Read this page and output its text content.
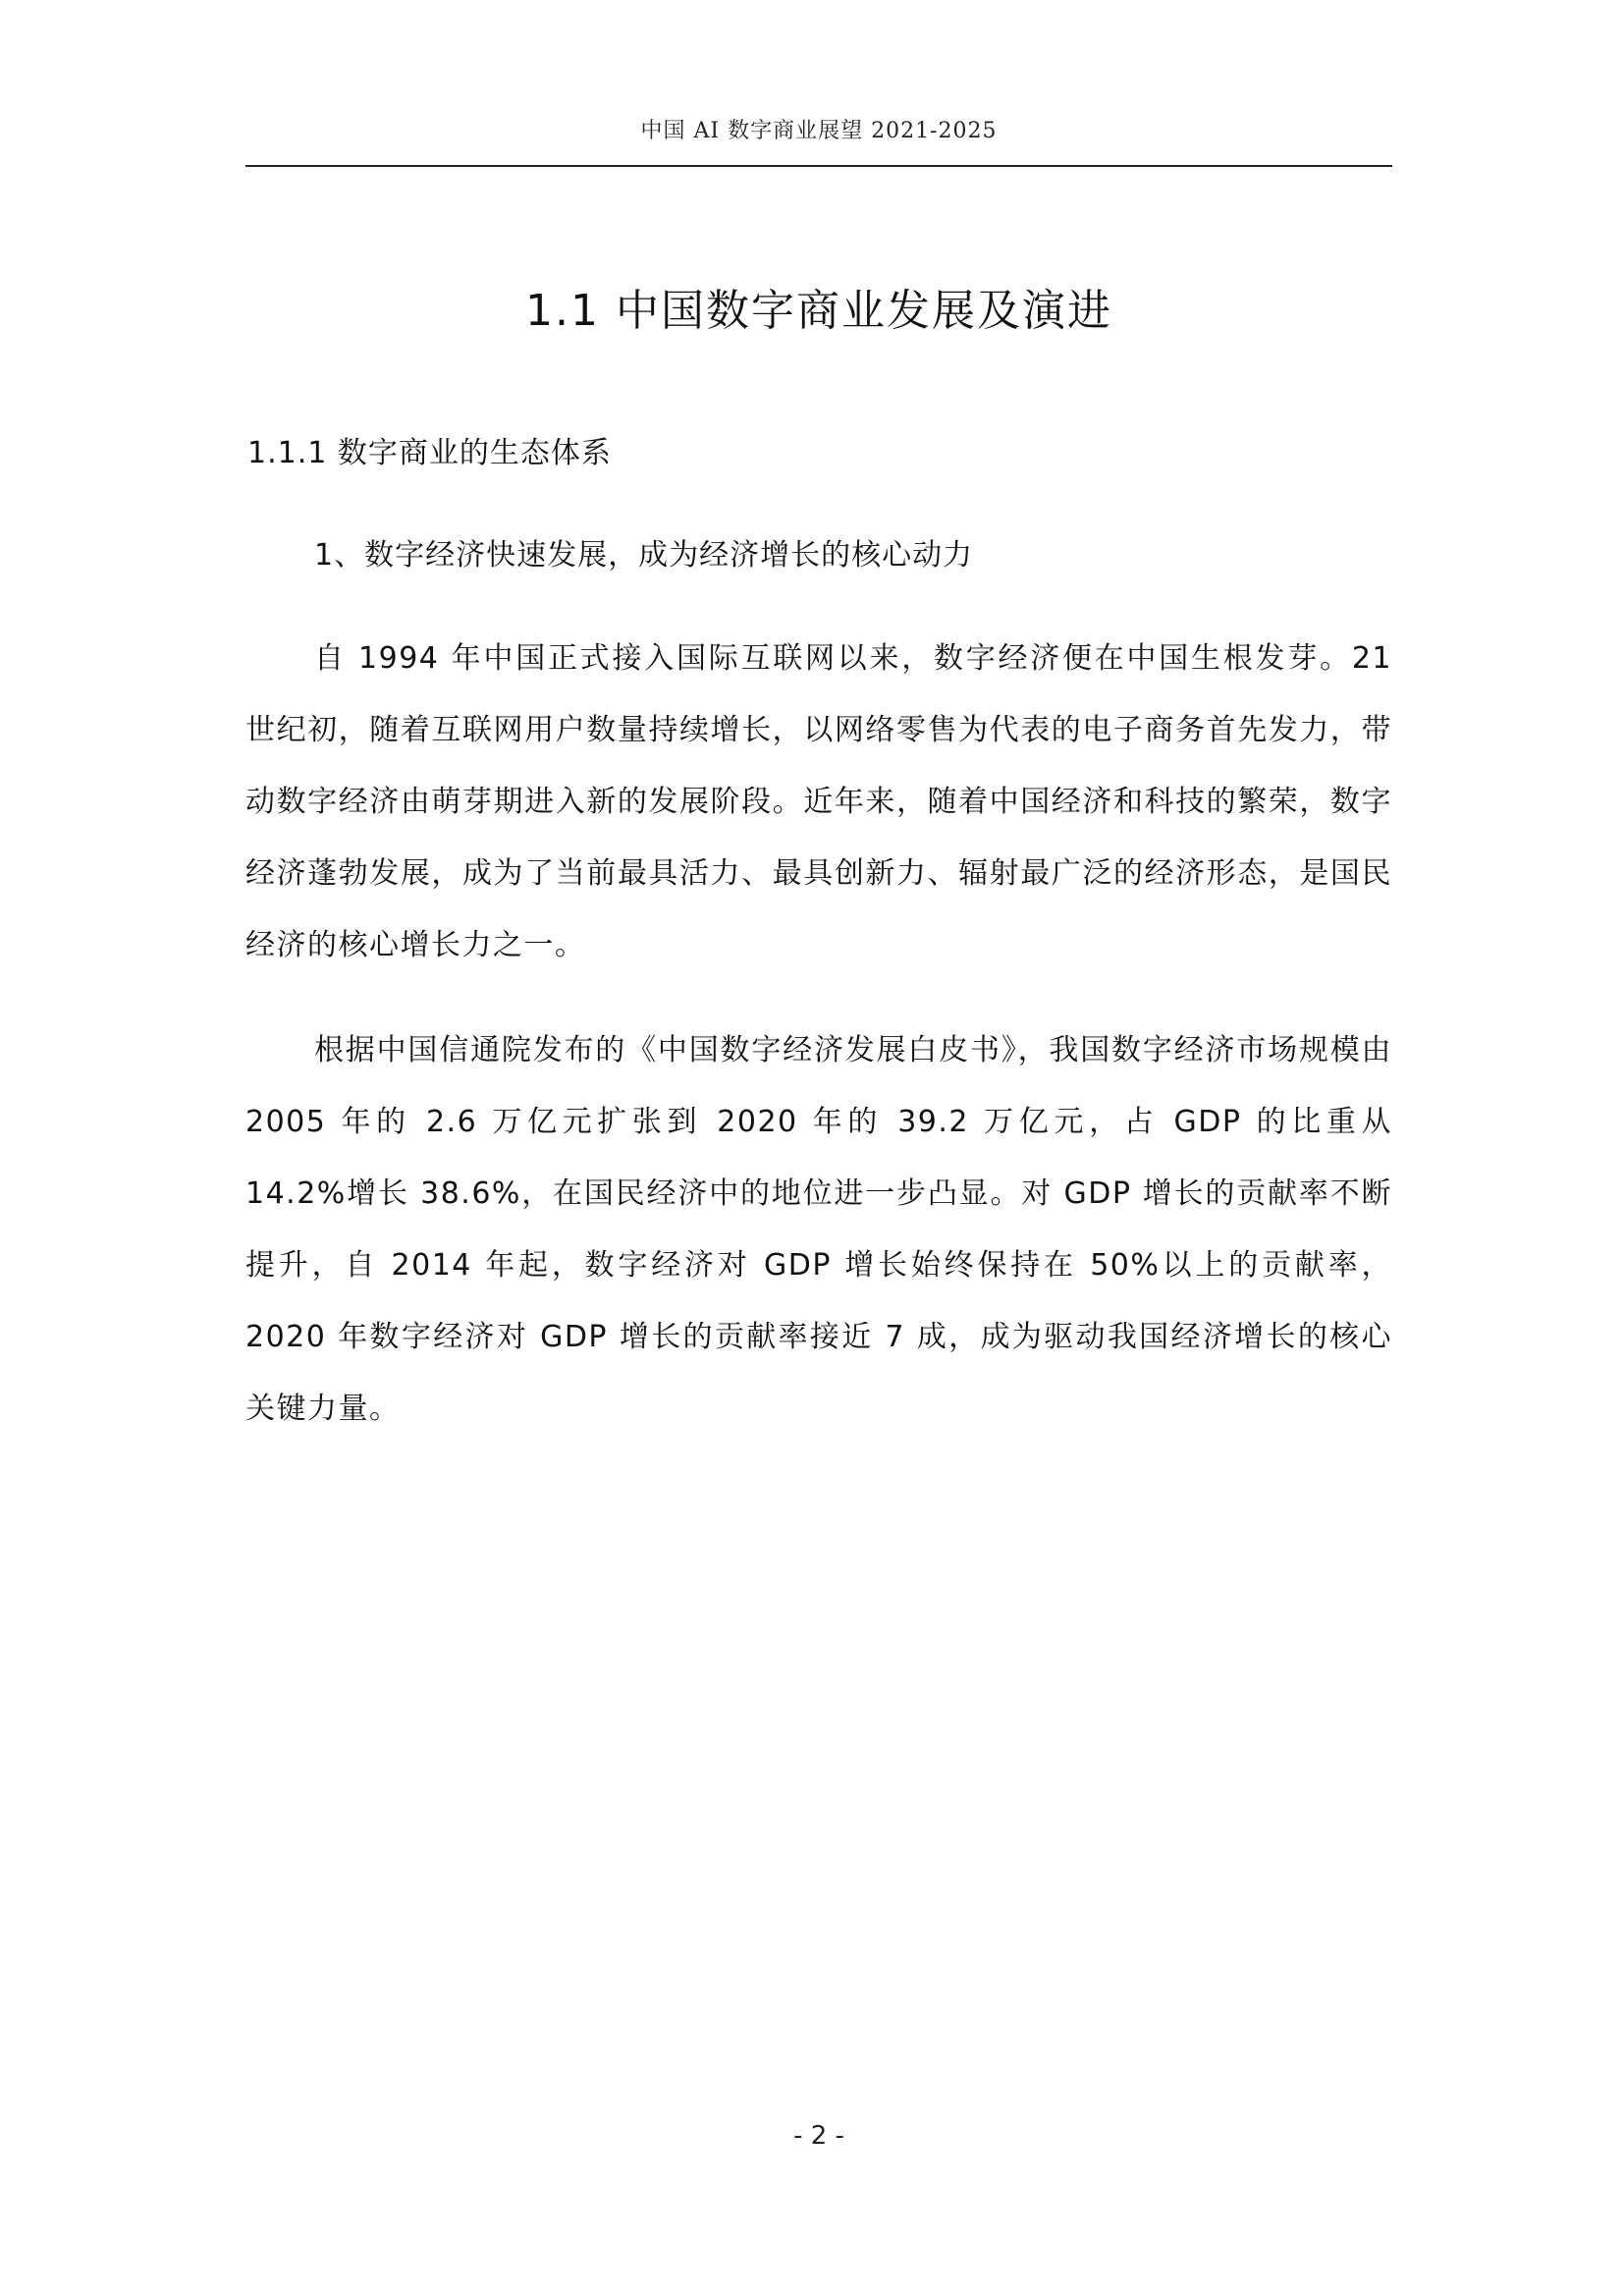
中国 AI 数字商业展望 2021-2025
1.1 中国数字商业发展及演进
1.1.1 数字商业的生态体系
1、数字经济快速发展，成为经济增长的核心动力

自 1994 年中国正式接入国际互联网以来，数字经济便在中国生根发芽。21 世纪初，随着互联网用户数量持续增长，以网络零售为代表的电子商务首先发力，带动数字经济由萌芽期进入新的发展阶段。近年来，随着中国经济和科技的繁荣，数字经济蓬勃发展，成为了当前最具活力、最具创新力、辐射最广泛的经济形态，是国民经济的核心增长力之一。

根据中国信通院发布的《中国数字经济发展白皮书》，我国数字经济市场规模由 2005 年的 2.6 万亿元扩张到 2020 年的 39.2 万亿元，占 GDP 的比重从 14.2%增长 38.6%，在国民经济中的地位进一步凸显。对 GDP 增长的贡献率不断提升，自 2014 年起，数字经济对 GDP 增长始终保持在 50%以上的贡献率，2020 年数字经济对 GDP 增长的贡献率接近 7 成，成为驱动我国经济增长的核心关键力量。

- 2 -
